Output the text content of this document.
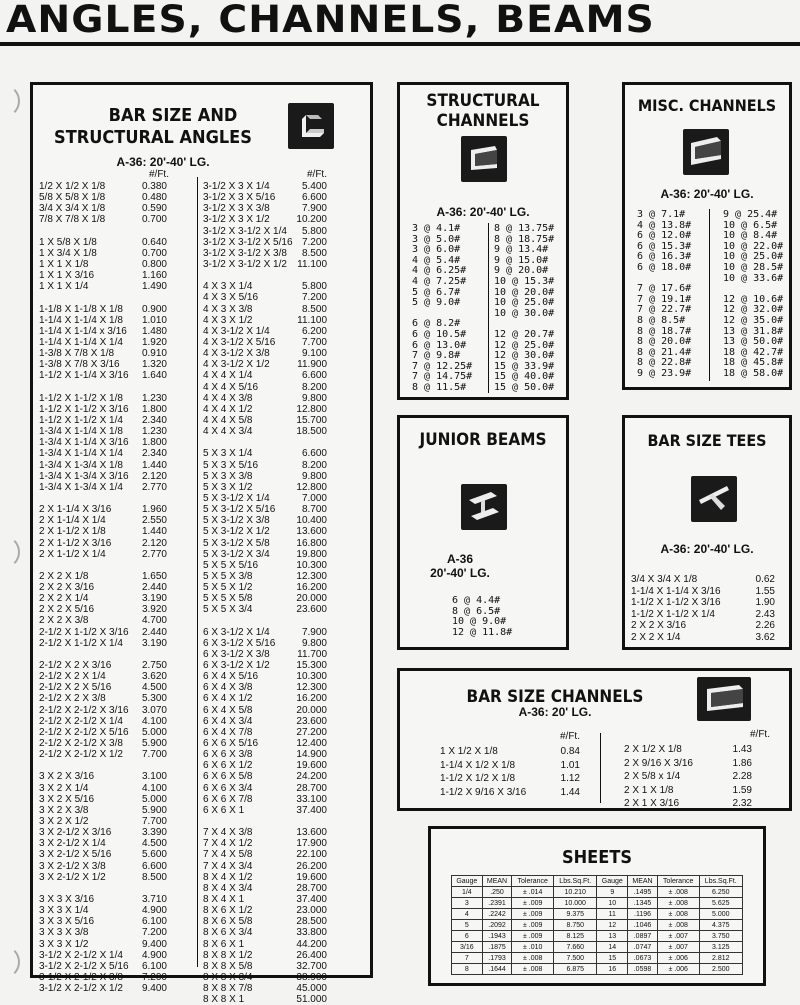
ANGLES, CHANNELS, BEAMS
BAR SIZE AND
STRUCTURAL ANGLES
A-36: 20'-40' LG.
#/Ft.	#/Ft.
1/2 X 1/2 X 1/8	0.380
5/8 X 5/8 X 1/8	0.480
3/4 X 3/4 X 1/8	0.590
7/8 X 7/8 X 1/8	0.700
1 X 5/8 X 1/8	0.640
1 X 3/4 X 1/8	0.700
1 X 1 X 1/8	0.800
1 X 1 X 3/16	1.160
1 X 1 X 1/4	1.490
1-1/8 X 1-1/8 X 1/8 0.900
1-1/4 X 1-1/4 X 1/8 1.010
1-1/4 X 1-1/4 x 3/16 1.480
1-1/4 X 1-1/4 X 1/4 1.920
1-3/8 X 7/8 X 1/8	0.910
1-3/8 X 7/8 X 3/16 1.320
1-1/2 X 1-1/4 X 3/16 1.640
1-1/2 X 1-1/2 X 1/8 1.230
1-1/2 X 1-1/2 X 3/16 1.800
1-1/2 X 1-1/2 X 1/4 2.340
1-3/4 X 1-1/4 X 1/8 1.230
1-3/4 X 1-1/4 X 3/16 1.800
1-3/4 X 1-1/4 X 1/4 2.340
1-3/4 X 1-3/4 X 1/8 1.440
1-3/4 X 1-3/4 X 3/16 2.120
1-3/4 X 1-3/4 X 1/4 2.770
2 X 1-1/4 X 3/16	1.960
2 X 1-1/4 X 1/4	2.550
2 X 1-1/2 X 1/8	1.440
2 X 1-1/2 X 3/16	2.120
2 X 1-1/2 X 1/4	2.770
2 X 2 X 1/8	1.650
2 X 2 X 3/16	2.440
2 X 2 X 1/4	3.190
2 X 2 X 5/16	3.920
2 X 2 X 3/8	4.700
2-1/2 X 1-1/2 X 3/16 2.440
2-1/2 X 1-1/2 X 1/4 3.190
2-1/2 X 2 X 3/16	2.750
2-1/2 X 2 X 1/4	3.620
2-1/2 X 2 X 5/16	4.500
2-1/2 X 2 X 3/8	5.300
2-1/2 X 2-1/2 X 3/16 3.070
2-1/2 X 2-1/2 X 1/4 4.100
2-1/2 X 2-1/2 X 5/16 5.000
2-1/2 X 2-1/2 X 3/8 5.900
2-1/2 X 2-1/2 X 1/2 7.700
3 X 2 X 3/16	3.100
3 X 2 X 1/4	4.100
3 X 2 X 5/16	5.000
3 X 2 X 3/8	5.900
3 X 2 X 1/2	7.700
3 X 2-1/2 X 3/16	3.390
3 X 2-1/2 X 1/4	4.500
3 X 2-1/2 X 5/16	5.600
3 X 2-1/2 X 3/8	6.600
3 X 2-1/2 X 1/2	8.500
3 X 3 X 3/16	3.710
3 X 3 X 1/4	4.900
3 X 3 X 5/16	6.100
3 X 3 X 3/8	7.200
3 X 3 X 1/2	9.400
3-1/2 X 2-1/2 X 1/4 4.900
3-1/2 X 2-1/2 X 5/16 6.100
3-1/2 X 2-1/2 X 3/8 7.200
3-1/2 X 2-1/2 X 1/2 9.400
3-1/2 X 3 X 1/4	5.400
3-1/2 X 3 X 5/16	6.600
3-1/2 X 3 X 3/8	7.900
3-1/2 X 3 X 1/2	10.200
3-1/2 X 3-1/2 X 1/4 5.800
3-1/2 X 3-1/2 X 5/16 7.200
3-1/2 X 3-1/2 X 3/8 8.500
3-1/2 X 3-1/2 X 1/2 11.100
4 X 3 X 1/4	5.800
4 X 3 X 5/16	7.200
4 X 3 X 3/8	8.500
4 X 3 X 1/2	11.100
4 X 3-1/2 X 1/4	6.200
4 X 3-1/2 X 5/16	7.700
4 X 3-1/2 X 3/8	9.100
4 X 3-1/2 X 1/2	11.900
4 X 4 X 1/4	6.600
4 X 4 X 5/16	8.200
4 X 4 X 3/8	9.800
4 X 4 X 1/2	12.800
4 X 4 X 5/8	15.700
4 X 4 X 3/4	18.500
5 X 3 X 1/4	6.600
5 X 3 X 5/16	8.200
5 X 3 X 3/8	9.800
5 X 3 X 1/2	12.800
5 X 3-1/2 X 1/4	7.000
5 X 3-1/2 X 5/16	8.700
5 X 3-1/2 X 3/8	10.400
5 X 3-1/2 X 1/2	13.600
5 X 3-1/2 X 5/8	16.800
5 X 3-1/2 X 3/4	19.800
5 X 5 X 5/16	10.300
5 X 5 X 3/8	12.300
5 X 5 X 1/2	16.200
5 X 5 X 5/8	20.000
5 X 5 X 3/4	23.600
6 X 3-1/2 X 1/4	7.900
6 X 3-1/2 X 5/16	9.800
6 X 3-1/2 X 3/8	11.700
6 X 3-1/2 X 1/2	15.300
6 X 4 X 5/16	10.300
6 X 4 X 3/8	12.300
6 X 4 X 1/2	16.200
6 X 4 X 5/8	20.000
6 X 4 X 3/4	23.600
6 X 4 X 7/8	27.200
6 X 6 X 5/16	12.400
6 X 6 X 3/8	14.900
6 X 6 X 1/2	19.600
6 X 6 X 5/8	24.200
6 X 6 X 3/4	28.700
6 X 6 X 7/8	33.100
6 X 6 X 1	37.400
7 X 4 X 3/8	13.600
7 X 4 X 1/2	17.900
7 X 4 X 5/8	22.100
7 X 4 X 3/4	26.200
8 X 4 X 1/2	19.600
8 X 4 X 3/4	28.700
8 X 4 X 1	37.400
8 X 6 X 1/2	23.000
8 X 6 X 5/8	28.500
8 X 6 X 3/4	33.800
8 X 6 X 1	44.200
8 X 8 X 1/2	26.400
8 X 8 X 5/8	32.700
8 X 8 X 3/4	38.900
8 X 8 X 7/8	45.000
8 X 8 X 1	51.000
STRUCTURAL
CHANNELS
A-36: 20'-40' LG.
3 @ 4.1#
3 @ 5.0#
3 @ 6.0#
4 @ 5.4#
4 @ 6.25#
4 @ 7.25#
5 @ 6.7#
5 @ 9.0#
6 @ 8.2#
6 @ 10.5#
6 @ 13.0#
7 @ 9.8#
7 @ 12.25#
7 @ 14.75#
8 @ 11.5#
8 @ 13.75#
8 @ 18.75#
9 @ 13.4#
9 @ 15.0#
9 @ 20.0#
10 @ 15.3#
10 @ 20.0#
10 @ 25.0#
10 @ 30.0#
12 @ 20.7#
12 @ 25.0#
12 @ 30.0#
15 @ 33.9#
15 @ 40.0#
15 @ 50.0#
MISC. CHANNELS
A-36: 20'-40' LG.
3 @ 7.1#
4 @ 13.8#
6 @ 12.0#
6 @ 15.3#
6 @ 16.3#
6 @ 18.0#
7 @ 17.6#
7 @ 19.1#
7 @ 22.7#
8 @ 8.5#
8 @ 18.7#
8 @ 20.0#
8 @ 21.4#
8 @ 22.8#
9 @ 23.9#
9 @ 25.4#
10 @ 6.5#
10 @ 8.4#
10 @ 22.0#
10 @ 25.0#
10 @ 28.5#
10 @ 33.6#
12 @ 10.6#
12 @ 32.0#
12 @ 35.0#
13 @ 31.8#
13 @ 50.0#
18 @ 42.7#
18 @ 45.8#
18 @ 58.0#
JUNIOR BEAMS
A-36
20'-40' LG.
6 @ 4.4#
8 @ 6.5#
10 @ 9.0#
12 @ 11.8#
BAR SIZE TEES
A-36: 20'-40' LG.
3/4 X 3/4 X 1/8	0.62
1-1/4 X 1-1/4 X 3/16	1.55
1-1/2 X 1-1/2 X 3/16	1.90
1-1/2 X 1-1/2 X 1/4	2.43
2 X 2 X 3/16	2.26
2 X 2 X 1/4	3.62
BAR SIZE CHANNELS
A-36: 20' LG.
#/Ft.	#/Ft.
1 X 1/2 X 1/8	0.84
1-1/4 X 1/2 X 1/8	1.01
1-1/2 X 1/2 X 1/8	1.12
1-1/2 X 9/16 X 3/16	1.44
2 X 1/2 X 1/8	1.43
2 X 9/16 X 3/16	1.86
2 X 5/8 x 1/4	2.28
2 X 1 X 1/8	1.59
2 X 1 X 3/16	2.32
SHEETS
Gauge	MEAN	Tolerance	Lbs.Sq.Ft.	Gauge	MEAN	Tolerance	Lbs.Sq.Ft.
1/4	.250	± .014	10.210	9	.1495	± .008	6.250
3	.2391	± .009	10.000	10	.1345	± .008	5.625
4	.2242	± .009	9.375	11	.1196	± .008	5.000
5	.2092	± .009	8.750	12	.1046	± .008	4.375
6	.1943	± .009	8.125	13	.0897	± .007	3.750
3/16	.1875	± .010	7.660	14	.0747	± .007	3.125
7	.1793	± .008	7.500	15	.0673	± .006	2.812
8	.1644	± .008	6.875	16	.0598	± .006	2.500
